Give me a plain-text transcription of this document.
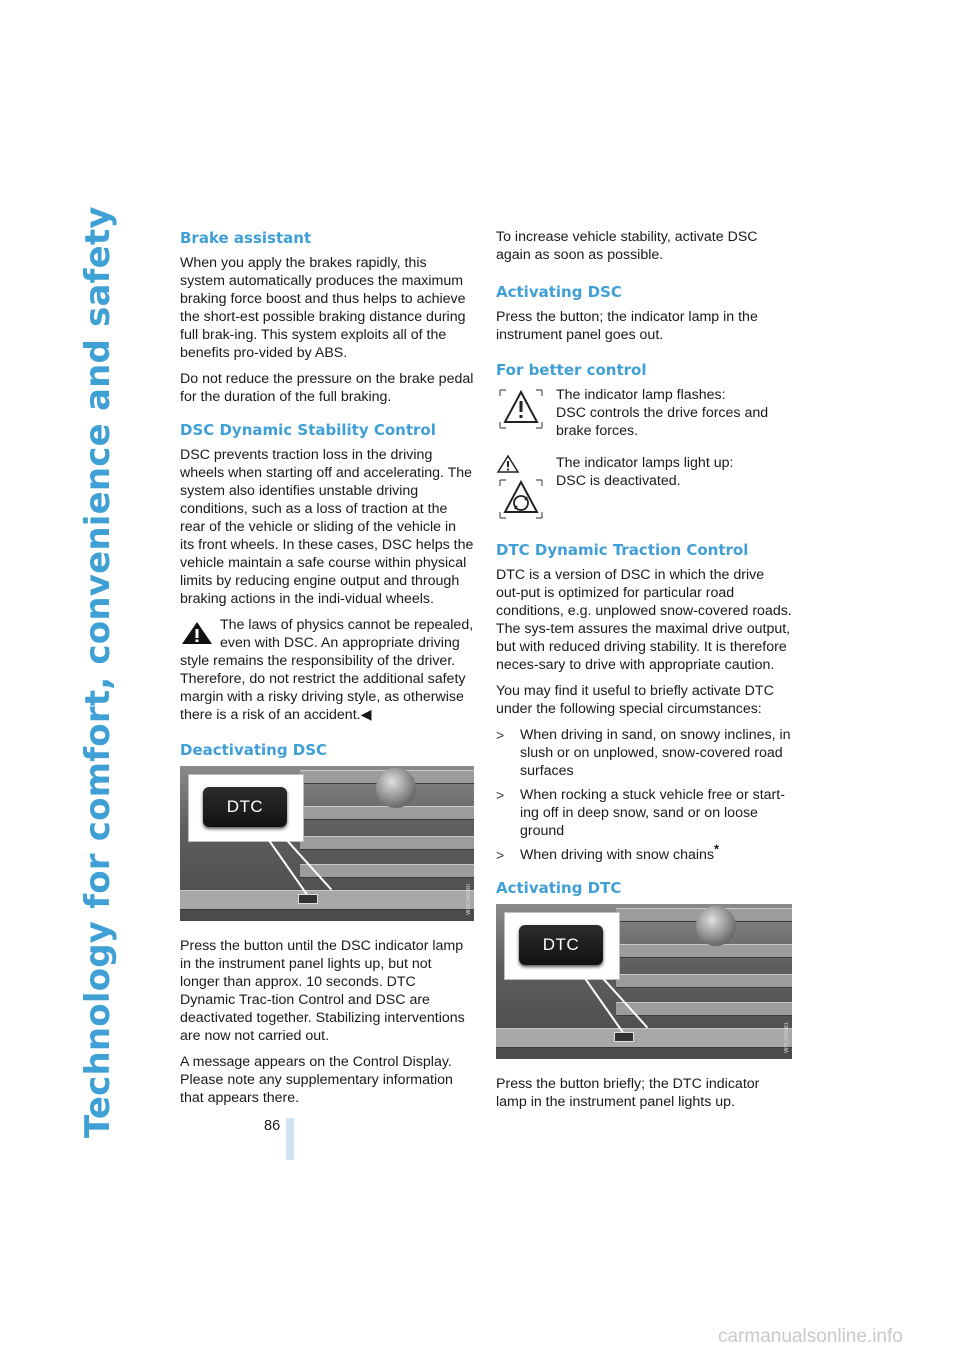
Technology for comfort, convenience and safety	Brake assistant

When you apply the brakes rapidly, this system automatically produces the maximum braking force boost and thus helps to achieve the short-est possible braking distance during full brak-ing. This system exploits all of the benefits pro-vided by ABS.

Do not reduce the pressure on the brake pedal for the duration of the full braking.

DSC Dynamic Stability Control

DSC prevents traction loss in the driving wheels when starting off and accelerating. The system also identifies unstable driving conditions, such as a loss of traction at the rear of the vehicle or sliding of the vehicle in its front wheels. In these cases, DSC helps the vehicle maintain a safe course within physical limits by reducing engine output and through braking actions in the indi-vidual wheels.

The laws of physics cannot be repealed, even with DSC. An appropriate driving style remains the responsibility of the driver. Therefore, do not restrict the additional safety margin with a risky driving style, as otherwise there is a risk of an accident.◀

Deactivating DSC
DTC
W0CH4580

Press the button until the DSC indicator lamp in the instrument panel lights up, but not longer than approx. 10 seconds. DTC Dynamic Trac-tion Control and DSC are deactivated together. Stabilizing interventions are now not carried out.

A message appears on the Control Display. Please note any supplementary information that appears there.

To increase vehicle stability, activate DSC again as soon as possible.

Activating DSC

Press the button; the indicator lamp in the instrument panel goes out.

For better control

The indicator lamp flashes:

DSC controls the drive forces and brake forces.

The indicator lamps light up:

DSC is deactivated.

DTC Dynamic Traction Control

DTC is a version of DSC in which the drive out-put is optimized for particular road conditions, e.g. unplowed snow-covered roads. The sys-tem assures the maximal drive output, but with reduced driving stability. It is therefore neces-sary to drive with appropriate caution.

You may find it useful to briefly activate DTC under the following special circumstances:

>	When driving in sand, on snowy inclines, in slush or on unplowed, snow-covered road surfaces
>	When rocking a stuck vehicle free or start-ing off in deep snow, sand or on loose ground
>	When driving with snow chains*
Activating DTC
DTC
W0CH4581

Press the button briefly; the DTC indicator lamp in the instrument panel lights up.

86
carmanualsonline.info
